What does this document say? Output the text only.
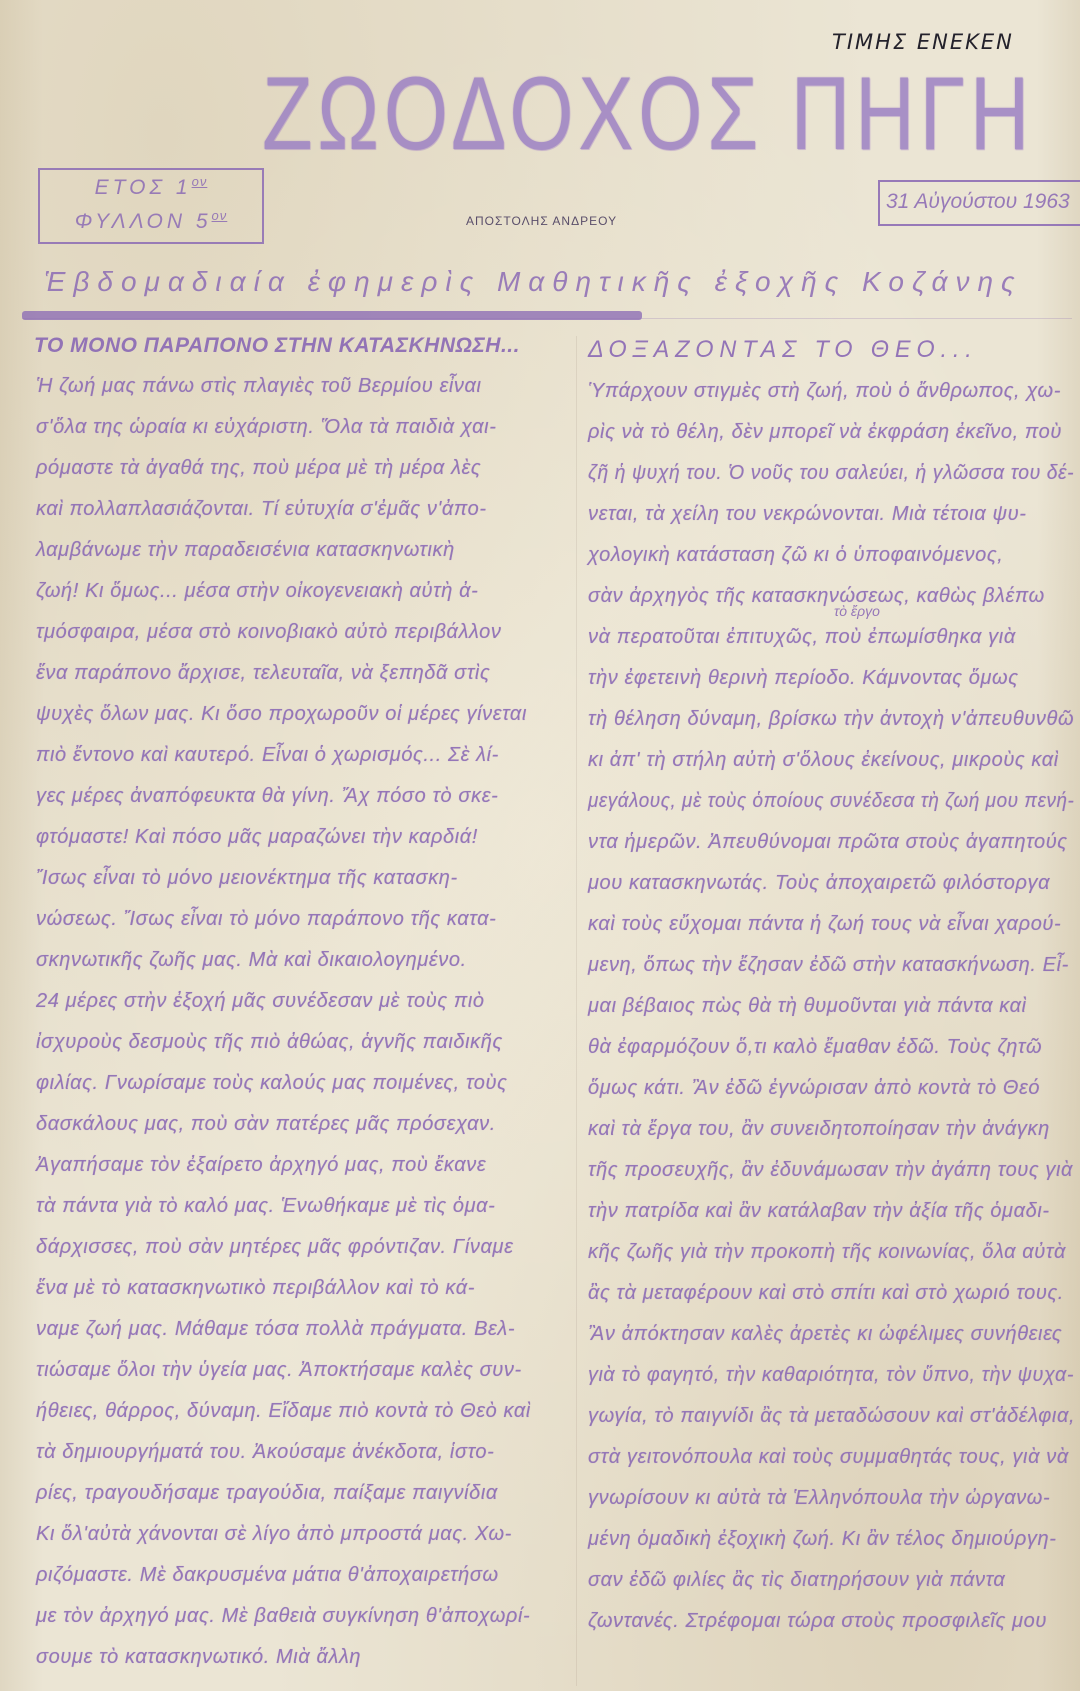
ΤΙΜΗΣ ΕΝΕΚΕΝ
ΖΩΟΔΟΧΟΣ ΠΗΓΗ
ΕΤΟΣ $1^{o\nu}$
ΦΥΛΛΟΝ $5^{o\nu}$	ΑΠΟΣΤΟΛΗΣ ΑΝΔΡΕΟΥ
31 Αὐγούστου 1963
Ἑβδομαδιαία ἐφημερὶς Μαθητικῆς ἐξοχῆς Κοζάνης
ΤΟ ΜΟΝΟ ΠΑΡΑΠΟΝΟ ΣΤΗΝ ΚΑΤΑΣΚΗΝΩΣΗ...	ΔΟΞΑΖΟΝΤΑΣ ΤΟ ΘΕΟ...
Ἡ ζωή μας πάνω στὶς πλαγιὲς τοῦ Βερμίου εἶναι
σ'ὅλα της ὡραία κι εὐχάριστη. Ὅλα τὰ παιδιὰ χαι-
ρόμαστε τὰ ἀγαθά της, ποὺ μέρα μὲ τὴ μέρα λὲς
καὶ πολλαπλασιάζονται. Τί εὐτυχία σ'ἐμᾶς ν'ἀπο-
λαμβάνωμε τὴν παραδεισένια κατασκηνωτικὴ
ζωή! Κι ὅμως... μέσα στὴν οἰκογενειακὴ αὐτὴ ἀ-
τμόσφαιρα, μέσα στὸ κοινοβιακὸ αὐτὸ περιβάλλον
ἕνα παράπονο ἄρχισε, τελευταῖα, νὰ ξεπηδᾶ στὶς
ψυχὲς ὅλων μας. Κι ὅσο προχωροῦν οἱ μέρες γίνεται
πιὸ ἔντονο καὶ καυτερό. Εἶναι ὁ χωρισμός... Σὲ λί-
γες μέρες ἀναπόφευκτα θὰ γίνη. Ἄχ πόσο τὸ σκε-
φτόμαστε! Καὶ πόσο μᾶς μαραζώνει τὴν καρδιά!
Ἴσως εἶναι τὸ μόνο μειονέκτημα τῆς κατασκη-
νώσεως. Ἴσως εἶναι τὸ μόνο παράπονο τῆς κατα-
σκηνωτικῆς ζωῆς μας. Μὰ καὶ δικαιολογημένο.
24 μέρες στὴν ἐξοχή μᾶς συνέδεσαν μὲ τοὺς πιὸ
ἰσχυροὺς δεσμοὺς τῆς πιὸ ἀθώας, ἁγνῆς παιδικῆς
φιλίας. Γνωρίσαμε τοὺς καλούς μας ποιμένες, τοὺς
δασκάλους μας, ποὺ σὰν πατέρες μᾶς πρόσεχαν.
Ἀγαπήσαμε τὸν ἐξαίρετο ἀρχηγό μας, ποὺ ἔκανε
τὰ πάντα γιὰ τὸ καλό μας. Ἑνωθήκαμε μὲ τὶς ὁμα-
δάρχισσες, ποὺ σὰν μητέρες μᾶς φρόντιζαν. Γίναμε
ἕνα μὲ τὸ κατασκηνωτικὸ περιβάλλον καὶ τὸ κά-
ναμε ζωή μας. Μάθαμε τόσα πολλὰ πράγματα. Βελ-
τιώσαμε ὅλοι τὴν ὑγεία μας. Ἀποκτήσαμε καλὲς συν-
ήθειες, θάρρος, δύναμη. Εἴδαμε πιὸ κοντὰ τὸ Θεὸ καὶ
τὰ δημιουργήματά του. Ἀκούσαμε ἀνέκδοτα, ἱστο-
ρίες, τραγουδήσαμε τραγούδια, παίξαμε παιγνίδια
Κι ὅλ'αὐτὰ χάνονται σὲ λίγο ἀπὸ μπροστά μας. Χω-
ριζόμαστε. Μὲ δακρυσμένα μάτια θ'ἀποχαιρετήσω
με τὸν ἀρχηγό μας. Μὲ βαθειὰ συγκίνηση θ'ἀποχωρί-
σουμε τὸ κατασκηνωτικό. Μιὰ ἄλλη
τὸ ἔργο
Ὑπάρχουν στιγμὲς στὴ ζωή, ποὺ ὁ ἄνθρωπος, χω-
ρὶς νὰ τὸ θέλη, δὲν μπορεῖ νὰ ἐκφράση ἐκεῖνο, ποὺ
ζῆ ἡ ψυχή του. Ὁ νοῦς του σαλεύει, ἡ γλῶσσα του δέ-
νεται, τὰ χείλη του νεκρώνονται. Μιὰ τέτοια ψυ-
χολογικὴ κατάσταση ζῶ κι ὁ ὑποφαινόμενος,
σὰν ἀρχηγὸς τῆς κατασκηνώσεως, καθὼς βλέπω
νὰ περατοῦται ἐπιτυχῶς, ποὺ ἐπωμίσθηκα γιὰ
τὴν ἐφετεινὴ θερινὴ περίοδο. Κάμνοντας ὅμως
τὴ θέληση δύναμη, βρίσκω τὴν ἀντοχὴ ν'ἀπευθυνθῶ
κι ἀπ' τὴ στήλη αὐτὴ σ'ὅλους ἐκείνους, μικροὺς καὶ
μεγάλους, μὲ τοὺς ὁποίους συνέδεσα τὴ ζωή μου πενή-
ντα ἡμερῶν. Ἀπευθύνομαι πρῶτα στοὺς ἀγαπητούς
μου κατασκηνωτάς. Τοὺς ἀποχαιρετῶ φιλόστοργα
καὶ τοὺς εὔχομαι πάντα ἡ ζωή τους νὰ εἶναι χαρού-
μενη, ὅπως τὴν ἔζησαν ἐδῶ στὴν κατασκήνωση. Εἶ-
μαι βέβαιος πὼς θὰ τὴ θυμοῦνται γιὰ πάντα καὶ
θὰ ἐφαρμόζουν ὅ,τι καλὸ ἔμαθαν ἐδῶ. Τοὺς ζητῶ
ὅμως κάτι. Ἂν ἐδῶ ἐγνώρισαν ἀπὸ κοντὰ τὸ Θεό
καὶ τὰ ἔργα του, ἂν συνειδητοποίησαν τὴν ἀνάγκη
τῆς προσευχῆς, ἂν ἐδυνάμωσαν τὴν ἀγάπη τους γιὰ
τὴν πατρίδα καὶ ἂν κατάλαβαν τὴν ἀξία τῆς ὁμαδι-
κῆς ζωῆς γιὰ τὴν προκοπὴ τῆς κοινωνίας, ὅλα αὐτὰ
ἂς τὰ μεταφέρουν καὶ στὸ σπίτι καὶ στὸ χωριό τους.
Ἂν ἀπόκτησαν καλὲς ἀρετὲς κι ὠφέλιμες συνήθειες
γιὰ τὸ φαγητό, τὴν καθαριότητα, τὸν ὕπνο, τὴν ψυχα-
γωγία, τὸ παιγνίδι ἂς τὰ μεταδώσουν καὶ στ'ἀδέλφια,
στὰ γειτονόπουλα καὶ τοὺς συμμαθητάς τους, γιὰ νὰ
γνωρίσουν κι αὐτὰ τὰ Ἑλληνόπουλα τὴν ὠργανω-
μένη ὁμαδικὴ ἐξοχικὴ ζωή. Κι ἂν τέλος δημιούργη-
σαν ἐδῶ φιλίες ἂς τὶς διατηρήσουν γιὰ πάντα
ζωντανές. Στρέφομαι τώρα στοὺς προσφιλεῖς μου
